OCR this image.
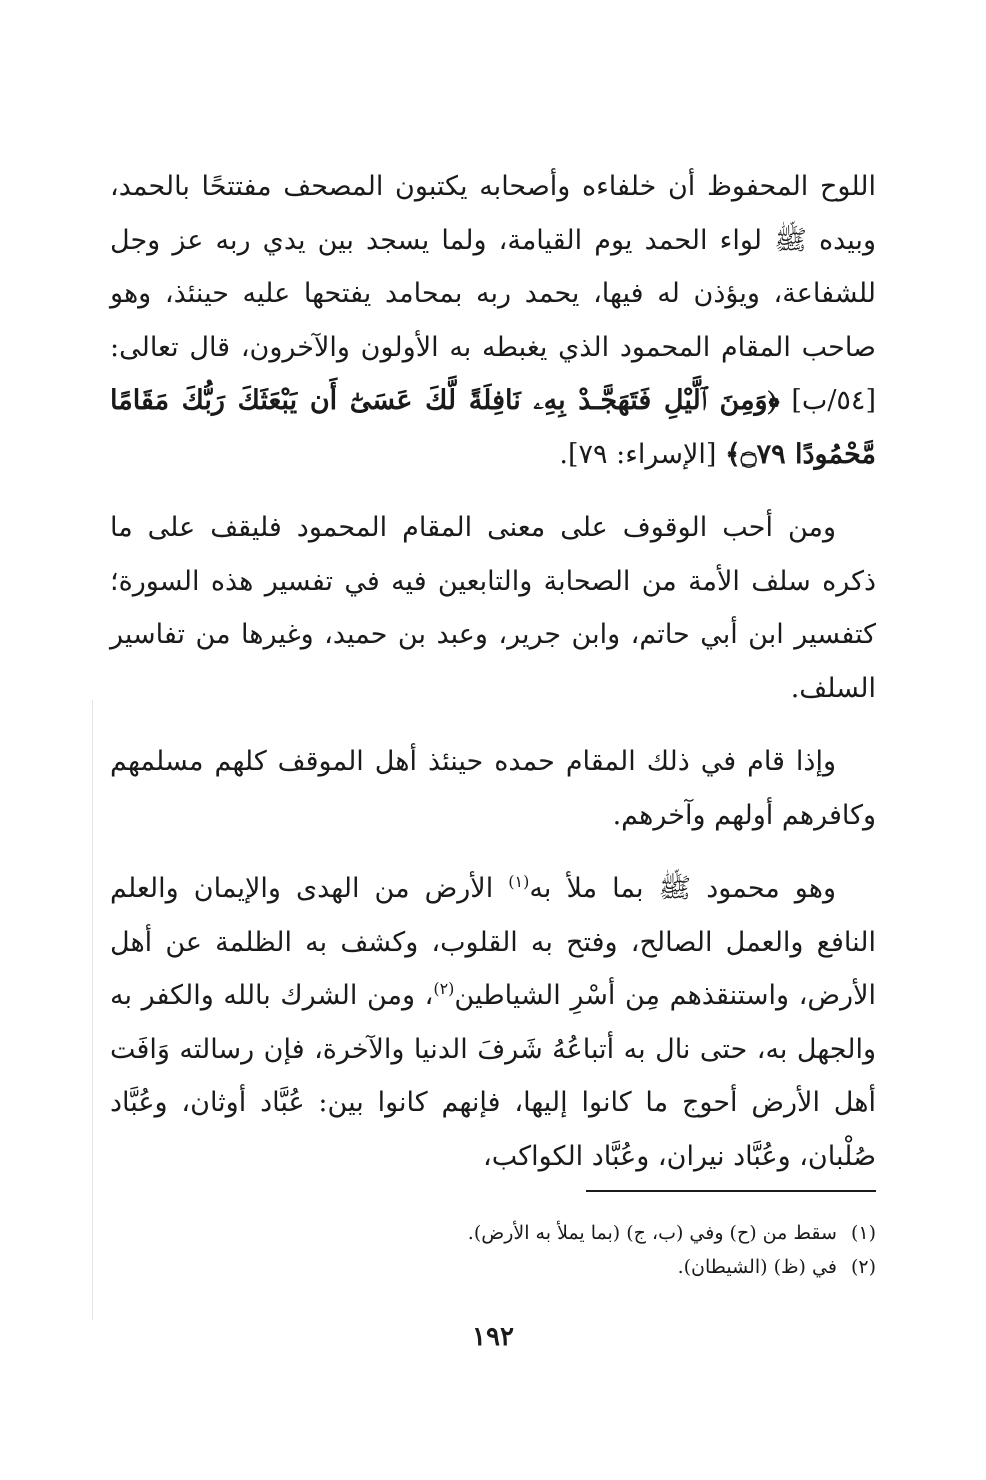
اللوح المحفوظ أن خلفاءه وأصحابه يكتبون المصحف مفتتحًا بالحمد، وبيده ﷺ لواء الحمد يوم القيامة، ولما يسجد بين يدي ربه عز وجل للشفاعة، ويؤذن له فيها، يحمد ربه بمحامد يفتحها عليه حينئذ، وهو صاحب المقام المحمود الذي يغبطه به الأولون والآخرون، قال تعالى: [٥٤/ب] ﴿وَمِنَ ٱلَّيْلِ فَتَهَجَّـدْ بِهِۦ نَافِلَةً لَّكَ عَسَىٰٓ أَن يَبْعَثَكَ رَبُّكَ مَقَامًا مَّحْمُودًا ۝٧٩﴾ [الإسراء: ٧٩].

ومن أحب الوقوف على معنى المقام المحمود فليقف على ما ذكره سلف الأمة من الصحابة والتابعين فيه في تفسير هذه السورة؛ كتفسير ابن أبي حاتم، وابن جرير، وعبد بن حميد، وغيرها من تفاسير السلف.

وإذا قام في ذلك المقام حمده حينئذ أهل الموقف كلهم مسلمهم وكافرهم أولهم وآخرهم.

وهو محمود ﷺ بما ملأ به$^{(١)}$ الأرض من الهدى والإيمان والعلم النافع والعمل الصالح، وفتح به القلوب، وكشف به الظلمة عن أهل الأرض، واستنقذهم مِن أسْرِ الشياطين$^{(٢)}$، ومن الشرك بالله والكفر به والجهل به، حتى نال به أتباعُهُ شَرفَ الدنيا والآخرة، فإن رسالته وَافَت أهل الأرض أحوج ما كانوا إليها، فإنهم كانوا بين: عُبَّاد أوثان، وعُبَّاد صُلْبان، وعُبَّاد نيران، وعُبَّاد الكواكب،

(١)سقط من (ح) وفي (ب، ج) (بما يملأ به الأرض).
(٢)في (ظ) (الشيطان).
١٩٢
